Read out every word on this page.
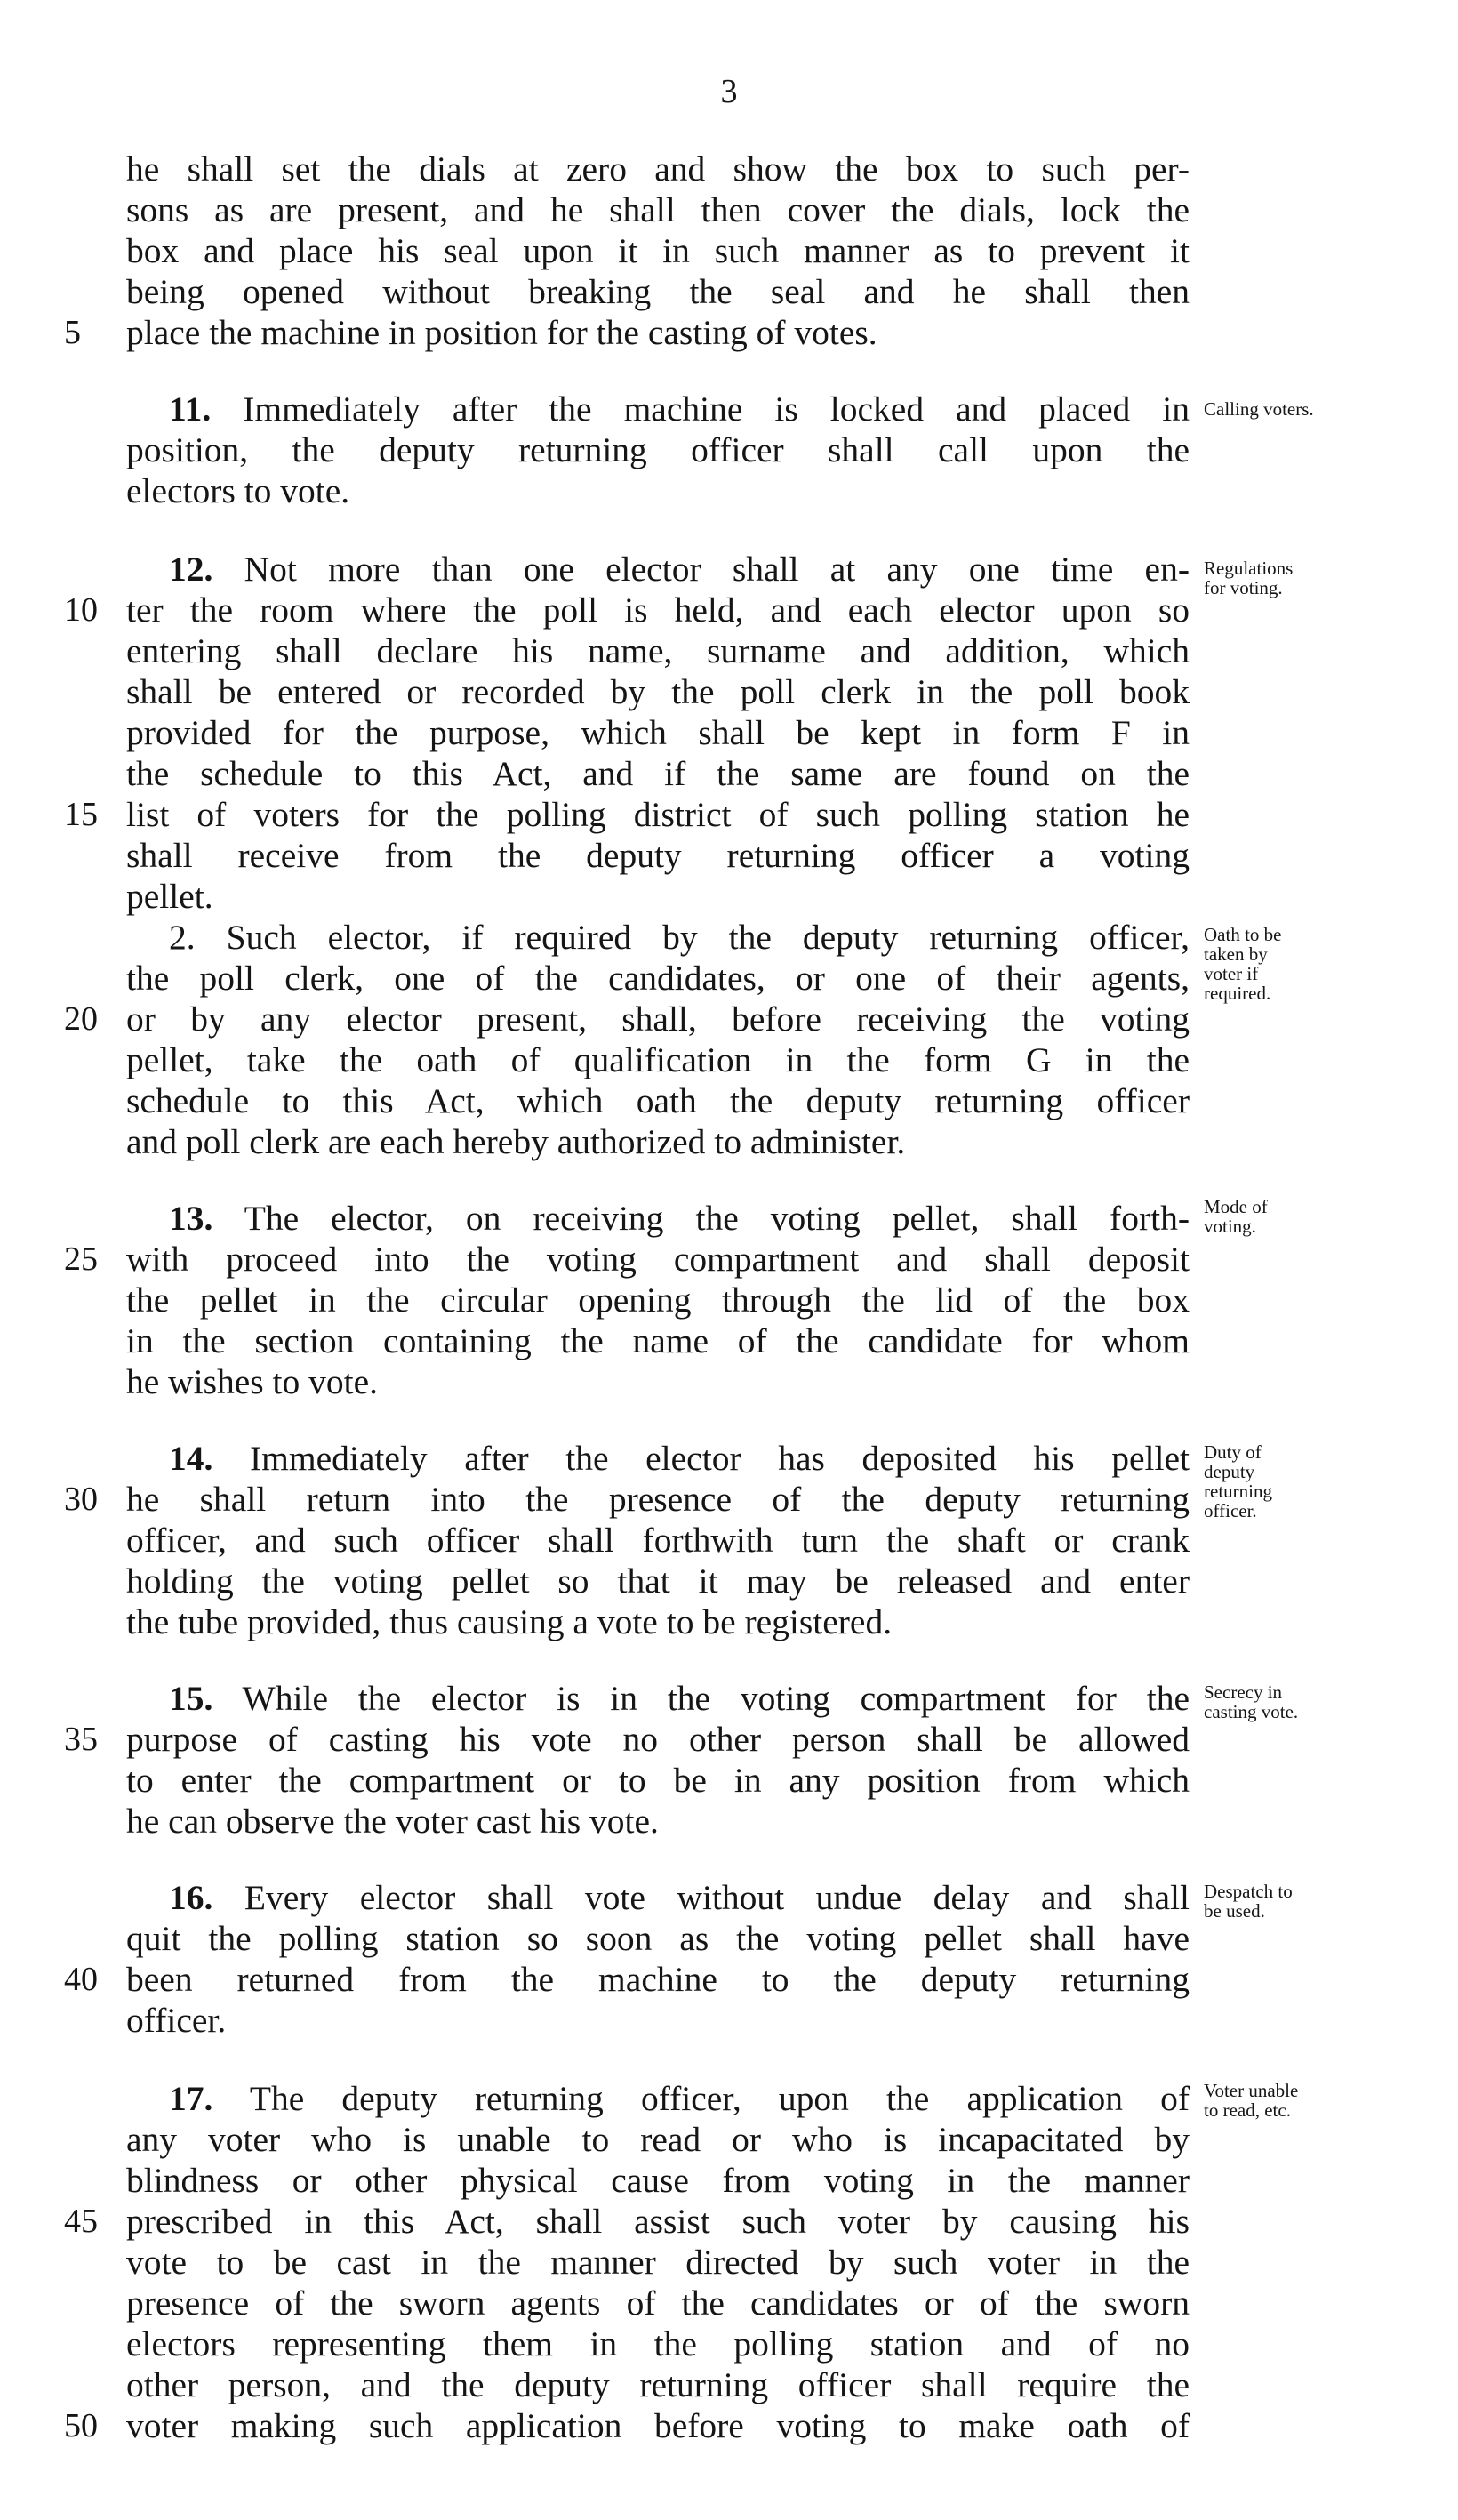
3
he shall set the dials at zero and show the box to such per-
sons as are present, and he shall then cover the dials, lock the
box and place his seal upon it in such manner as to prevent it
being opened without breaking the seal and he shall then
5	place the machine in position for the casting of votes.
11. Immediately after the machine is locked and placed in
position, the deputy returning officer shall call upon the
electors to vote.
Calling voters.
12. Not more than one elector shall at any one time en-
10 ter the room where the poll is held, and each elector upon so
entering shall declare his name, surname and addition, which
shall be entered or recorded by the poll clerk in the poll book
provided for the purpose, which shall be kept in form F in
the schedule to this Act, and if the same are found on the
15 list of voters for the polling district of such polling station he
shall receive from the deputy returning officer a voting
pellet.
Regulations
for voting.
2. Such elector, if required by the deputy returning officer,
the poll clerk, one of the candidates, or one of their agents,
20 or by any elector present, shall, before receiving the voting
pellet, take the oath of qualification in the form G in the
schedule to this Act, which oath the deputy returning officer
and poll clerk are each hereby authorized to administer.
Oath to be
taken by
voter if
required.
13. The elector, on receiving the voting pellet, shall forth-
25 with proceed into the voting compartment and shall deposit
the pellet in the circular opening through the lid of the box
in the section containing the name of the candidate for whom
he wishes to vote.
Mode of
voting.
14. Immediately after the elector has deposited his pellet
30 he shall return into the presence of the deputy returning
officer, and such officer shall forthwith turn the shaft or crank
holding the voting pellet so that it may be released and enter
the tube provided, thus causing a vote to be registered.
Duty of
deputy
returning
officer.
15. While the elector is in the voting compartment for the
35 purpose of casting his vote no other person shall be allowed
to enter the compartment or to be in any position from which
he can observe the voter cast his vote.
Secrecy in
casting vote.
16. Every elector shall vote without undue delay and shall
quit the polling station so soon as the voting pellet shall have
40 been returned from the machine to the deputy returning
officer.
Despatch to
be used.
17. The deputy returning officer, upon the application of
any voter who is unable to read or who is incapacitated by
blindness or other physical cause from voting in the manner
45 prescribed in this Act, shall assist such voter by causing his
vote to be cast in the manner directed by such voter in the
presence of the sworn agents of the candidates or of the sworn
electors representing them in the polling station and of no
other person, and the deputy returning officer shall require the
50 voter making such application before voting to make oath of
Voter unable
to read, etc.
